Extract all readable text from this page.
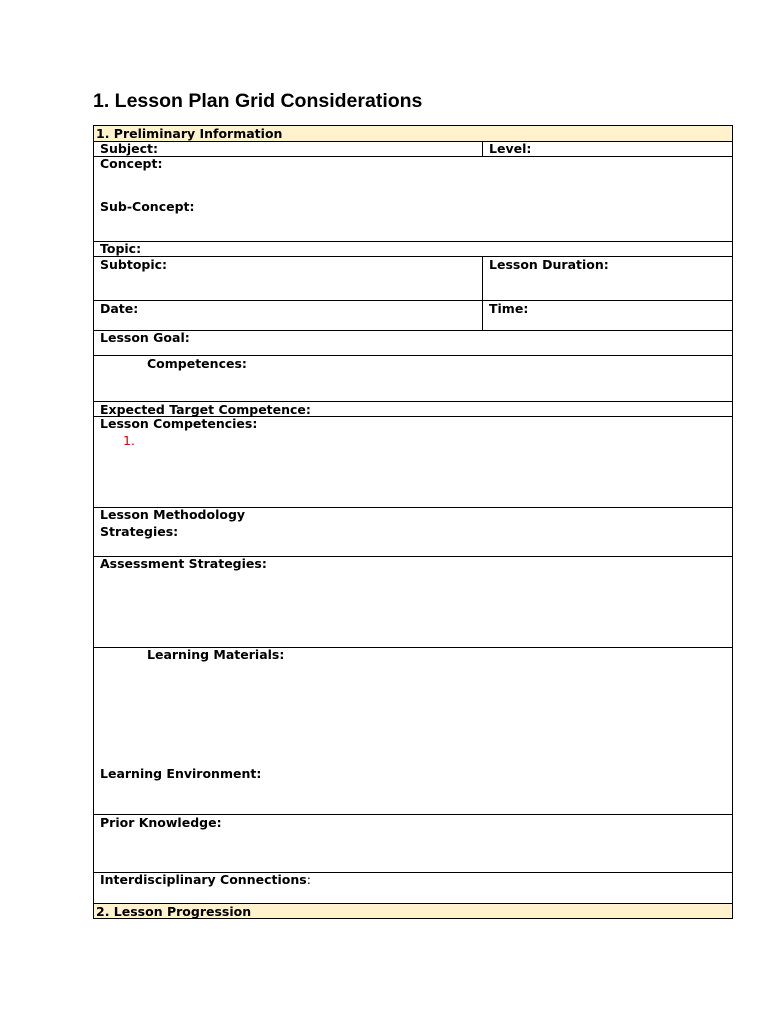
1. Lesson Plan Grid Considerations
1. Preliminary Information
Subject:	Level:
Concept:
Sub-Concept:
Topic:
Subtopic:	Lesson Duration:
Date:	Time:
Lesson Goal:
Competences:
Expected Target Competence:
Lesson Competencies:
1.
Lesson Methodology
Strategies:
Assessment Strategies:
Learning Materials:
Learning Environment:
Prior Knowledge:
Interdisciplinary Connections:
2. Lesson Progression
